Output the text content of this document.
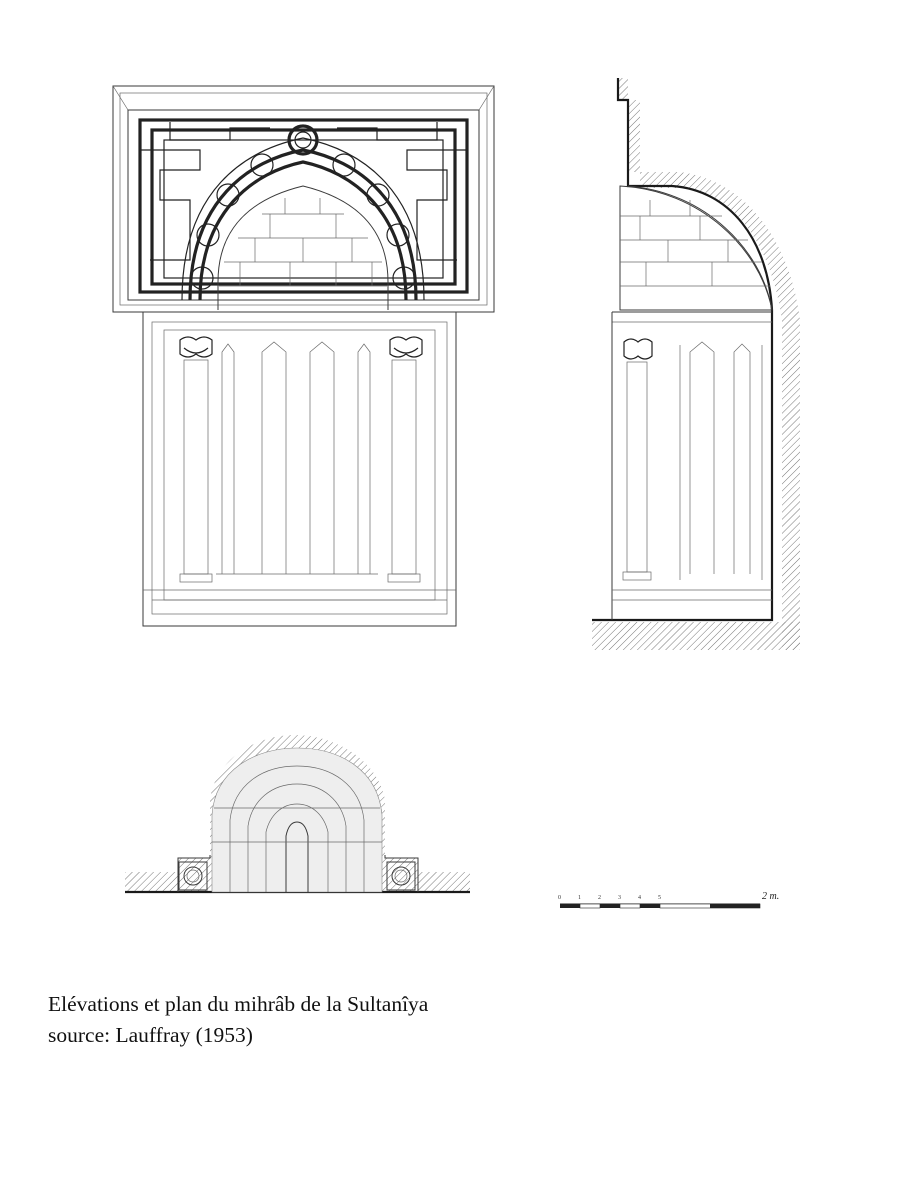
0	1	2	3	4	5	2 m.
Elévations et plan du mihrâb de la Sultanîya
source: Lauffray (1953)
